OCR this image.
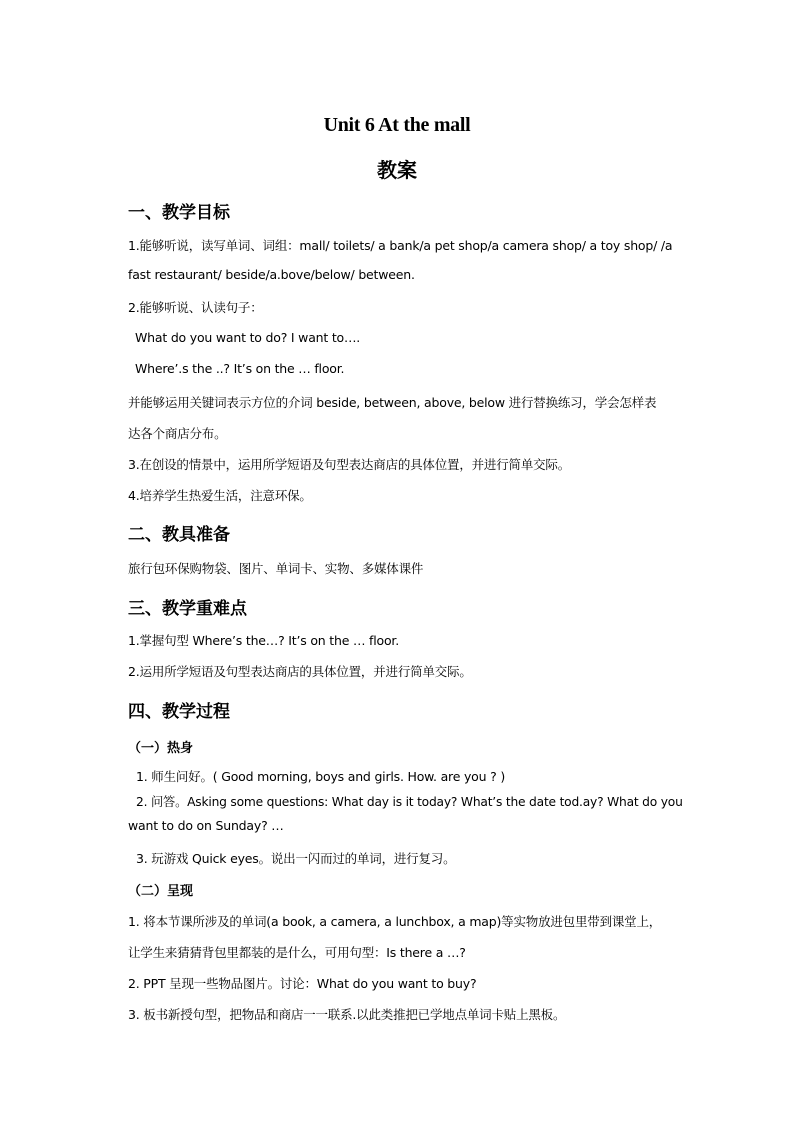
Unit 6 At the mall
教案
一、教学目标
1.能够听说，读写单词、词组：mall/ toilets/ a bank/a pet shop/a camera shop/ a toy shop/ /a
fast restaurant/ beside/a.bove/below/ between.
2.能够听说、认读句子：
What do you want to do? I want to….
Where’.s the ..? It’s on the … floor.
并能够运用关键词表示方位的介词 beside, between, above, below 进行替换练习，学会怎样表
达各个商店分布。
3.在创设的情景中，运用所学短语及句型表达商店的具体位置，并进行简单交际。
4.培养学生热爱生活，注意环保。
二、教具准备
旅行包环保购物袋、图片、单词卡、实物、多媒体课件
三、教学重难点
1.掌握句型 Where’s the…? It’s on the … floor.
2.运用所学短语及句型表达商店的具体位置，并进行简单交际。
四、教学过程
（一）热身
1. 师生问好。( Good morning, boys and girls. How. are you ? )
2. 问答。Asking some questions: What day is it today? What’s the date tod.ay? What do you
want to do on Sunday? …
3. 玩游戏 Quick eyes。说出一闪而过的单词，进行复习。
（二）呈现
1. 将本节课所涉及的单词(a book, a camera, a lunchbox, a map)等实物放进包里带到课堂上，
让学生来猜猜背包里都装的是什么，可用句型：Is there a …?
2. PPT 呈现一些物品图片。讨论：What do you want to buy?
3. 板书新授句型，把物品和商店一一联系.以此类推把已学地点单词卡贴上黑板。
